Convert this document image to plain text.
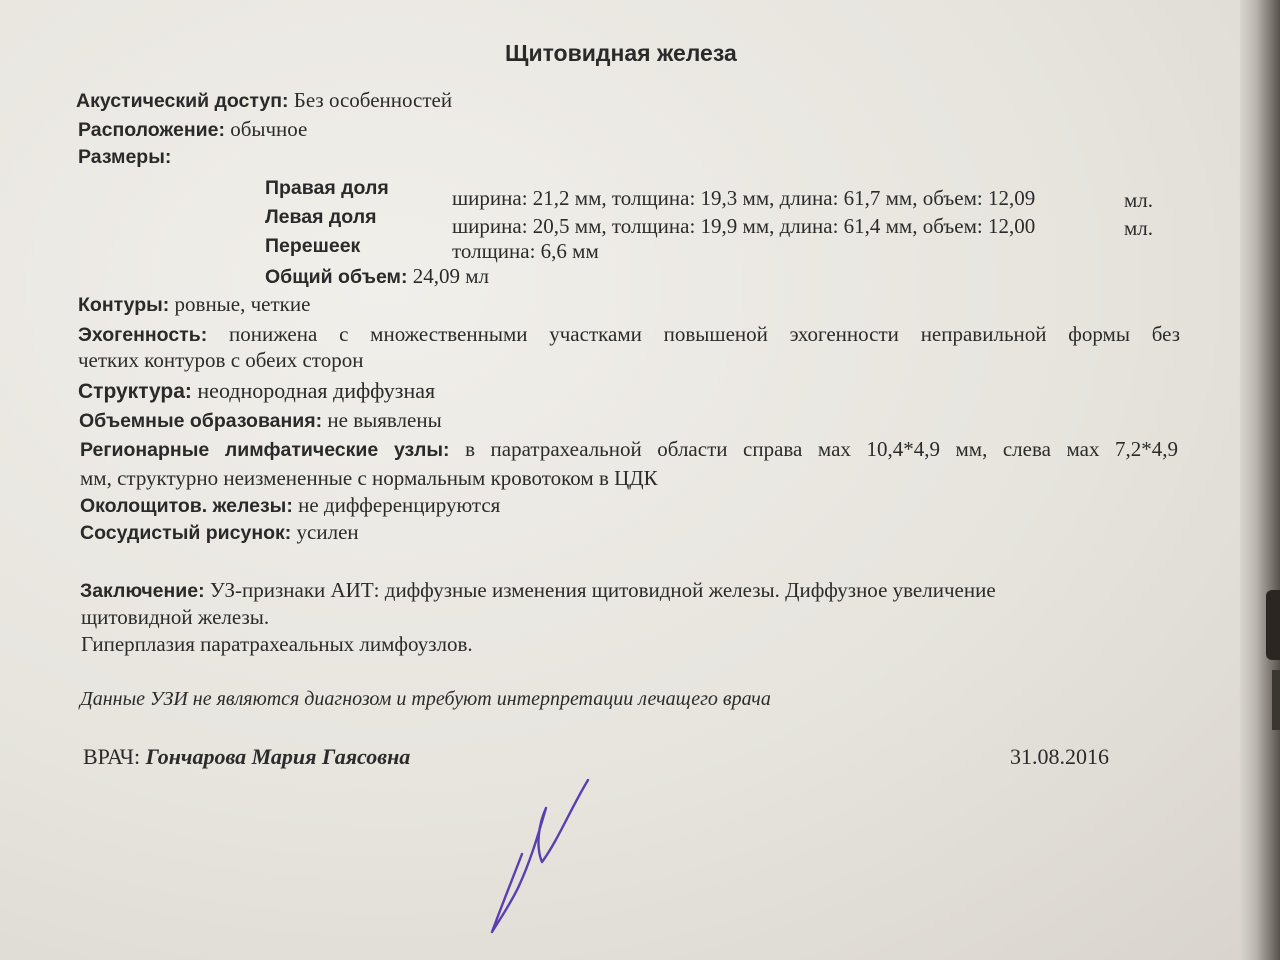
Щитовидная железа
Акустический доступ: Без особенностей
Расположение: обычное
Размеры:
Правая доля	ширина: 21,2 мм, толщина: 19,3 мм, длина: 61,7 мм, объем: 12,09	мл.
Левая доля	ширина: 20,5 мм, толщина: 19,9 мм, длина: 61,4 мм, объем: 12,00	мл.
Перешеек	толщина: 6,6 мм
Общий объем: 24,09 мл
Контуры: ровные, четкие
Эхогенность: понижена с множественными участками повышеной эхогенности неправильной формы без
четких контуров с обеих сторон
Структура: неоднородная диффузная
Объемные образования: не выявлены
Регионарные лимфатические узлы: в паратрахеальной области справа мах 10,4*4,9 мм, слева мах 7,2*4,9
мм, структурно неизмененные с нормальным кровотоком в ЦДК
Околощитов. железы: не дифференцируются
Сосудистый рисунок: усилен
Заключение: УЗ-признаки АИТ: диффузные изменения щитовидной железы. Диффузное увеличение
щитовидной железы.
Гиперплазия паратрахеальных лимфоузлов.
Данные УЗИ не являются диагнозом и требуют интерпретации лечащего врача
ВРАЧ: Гончарова Мария Гаясовна	31.08.2016
